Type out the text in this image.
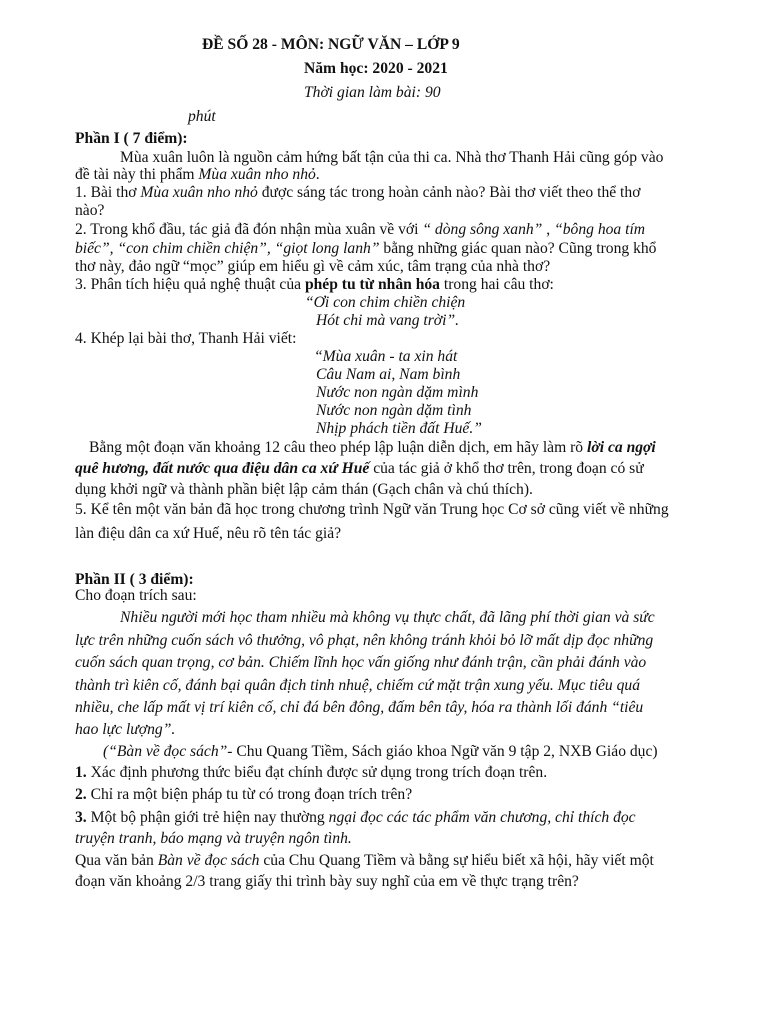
ĐỀ SỐ 28 - MÔN: NGỮ VĂN – LỚP 9
Năm học: 2020 - 2021
Thời gian làm bài: 90
phút
Phần I ( 7 điểm):
Mùa xuân luôn là nguồn cảm hứng bất tận của thi ca. Nhà thơ Thanh Hải cũng góp vào
đề tài này thi phẩm Mùa xuân nho nhỏ.
1. Bài thơ Mùa xuân nho nhỏ được sáng tác trong hoàn cảnh nào? Bài thơ viết theo thể thơ
nào?
2. Trong khổ đầu, tác giả đã đón nhận mùa xuân về với “ dòng sông xanh” , “bông hoa tím
biếc”, “con chim chiền chiện”, “giọt long lanh” bằng những giác quan nào? Cũng trong khổ
thơ này, đảo ngữ “mọc” giúp em hiểu gì về cảm xúc, tâm trạng của nhà thơ?
3. Phân tích hiệu quả nghệ thuật của phép tu từ nhân hóa trong hai câu thơ:
“Ơi con chim chiền chiện
Hót chi mà vang trời”.
4. Khép lại bài thơ, Thanh Hải viết:
“Mùa xuân - ta xin hát
Câu Nam ai, Nam bình
Nước non ngàn dặm mình
Nước non ngàn dặm tình
Nhịp phách tiền đất Huế.”
Bằng một đoạn văn khoảng 12 câu theo phép lập luận diễn dịch, em hãy làm rõ lời ca ngợi
quê hương, đất nước qua điệu dân ca xứ Huế của tác giả ở khổ thơ trên, trong đoạn có sử
dụng khởi ngữ và thành phần biệt lập cảm thán (Gạch chân và chú thích).
5. Kể tên một văn bản đã học trong chương trình Ngữ văn Trung học Cơ sở cũng viết về những
làn điệu dân ca xứ Huế, nêu rõ tên tác giả?
Phần II ( 3 điểm):
Cho đoạn trích sau:
Nhiều người mới học tham nhiều mà không vụ thực chất, đã lãng phí thời gian và sức
lực trên những cuốn sách vô thưởng, vô phạt, nên không tránh khỏi bỏ lỡ mất dịp đọc những
cuốn sách quan trọng, cơ bản. Chiếm lĩnh học vấn giống như đánh trận, cần phải đánh vào
thành trì kiên cố, đánh bại quân địch tinh nhuệ, chiếm cứ mặt trận xung yếu. Mục tiêu quá
nhiều, che lấp mất vị trí kiên cố, chỉ đá bên đông, đấm bên tây, hóa ra thành lối đánh “tiêu
hao lực lượng”.
(“Bàn về đọc sách”- Chu Quang Tiềm, Sách giáo khoa Ngữ văn 9 tập 2, NXB Giáo dục)
1. Xác định phương thức biểu đạt chính được sử dụng trong trích đoạn trên.
2. Chỉ ra một biện pháp tu từ có trong đoạn trích trên?
3. Một bộ phận giới trẻ hiện nay thường ngại đọc các tác phẩm văn chương, chỉ thích đọc
truyện tranh, báo mạng và truyện ngôn tình.
Qua văn bản Bàn về đọc sách của Chu Quang Tiềm và bằng sự hiểu biết xã hội, hãy viết một
đoạn văn khoảng 2/3 trang giấy thi trình bày suy nghĩ của em về thực trạng trên?
